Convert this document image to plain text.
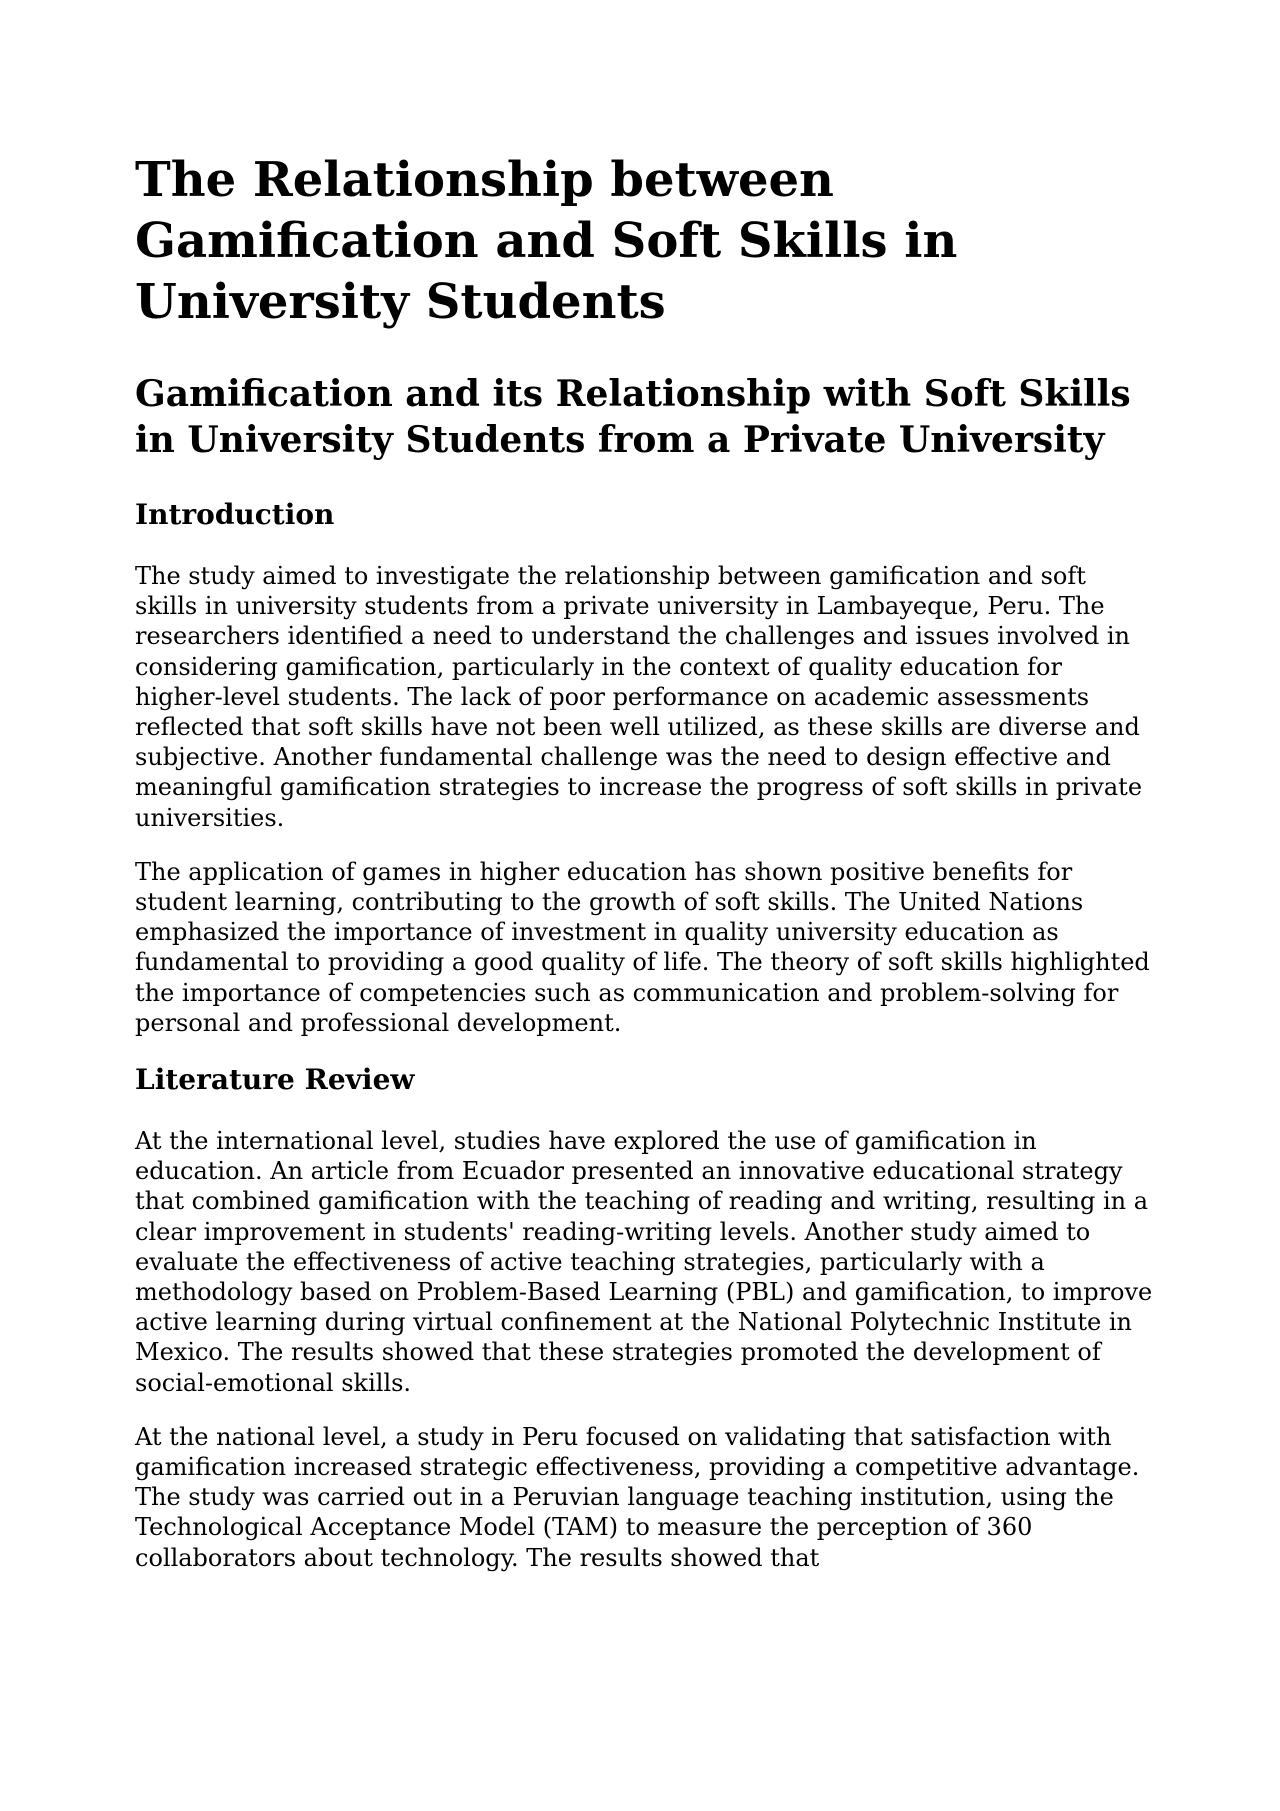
The Relationship between Gamification and Soft Skills in University Students
Gamification and its Relationship with Soft Skills in University Students from a Private University
Introduction

The study aimed to investigate the relationship between gamification and soft skills in university students from a private university in Lambayeque, Peru. The researchers identified a need to understand the challenges and issues involved in considering gamification, particularly in the context of quality education for higher-level students. The lack of poor performance on academic assessments reflected that soft skills have not been well utilized, as these skills are diverse and subjective. Another fundamental challenge was the need to design effective and meaningful gamification strategies to increase the progress of soft skills in private universities.

The application of games in higher education has shown positive benefits for student learning, contributing to the growth of soft skills. The United Nations emphasized the importance of investment in quality university education as fundamental to providing a good quality of life. The theory of soft skills highlighted the importance of competencies such as communication and problem-solving for personal and professional development.

Literature Review

At the international level, studies have explored the use of gamification in education. An article from Ecuador presented an innovative educational strategy that combined gamification with the teaching of reading and writing, resulting in a clear improvement in students' reading-writing levels. Another study aimed to evaluate the effectiveness of active teaching strategies, particularly with a methodology based on Problem-Based Learning (PBL) and gamification, to improve active learning during virtual confinement at the National Polytechnic Institute in Mexico. The results showed that these strategies promoted the development of social-emotional skills.

At the national level, a study in Peru focused on validating that satisfaction with gamification increased strategic effectiveness, providing a competitive advantage. The study was carried out in a Peruvian language teaching institution, using the Technological Acceptance Model (TAM) to measure the perception of 360 collaborators about technology. The results showed that
